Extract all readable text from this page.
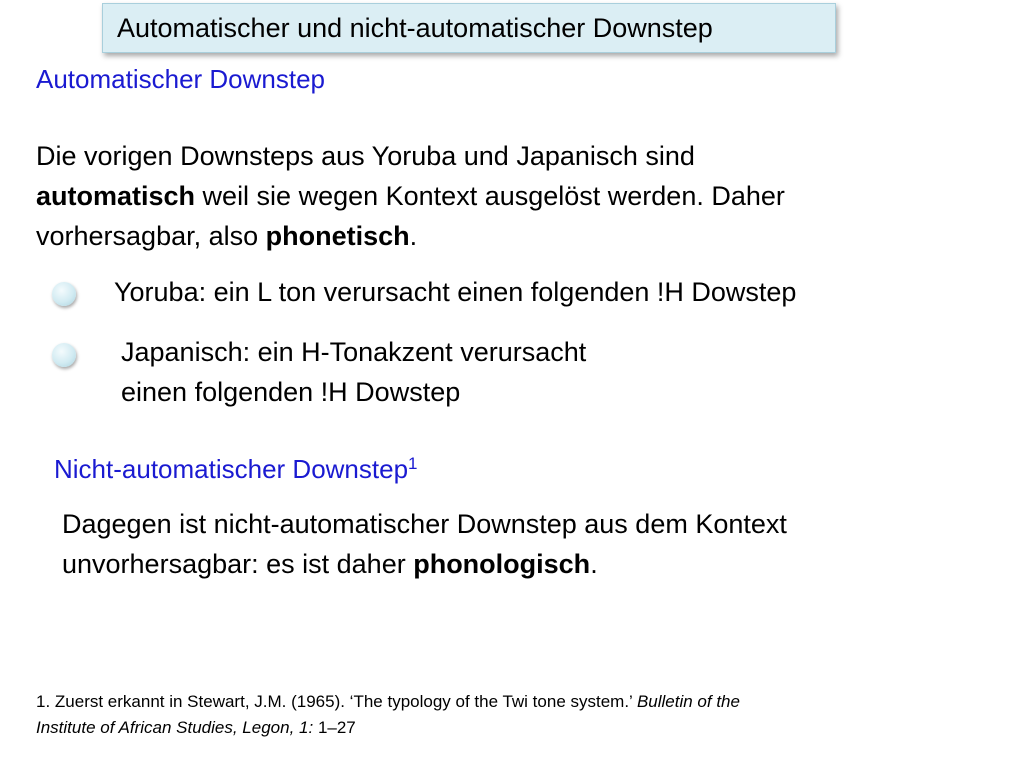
Automatischer und nicht-automatischer Downstep
Automatischer Downstep
Die vorigen Downsteps aus Yoruba und Japanisch sind
automatisch weil sie wegen Kontext ausgelöst werden. Daher
vorhersagbar, also phonetisch.
Yoruba: ein L ton verursacht einen folgenden !H Dowstep
Japanisch: ein H-Tonakzent verursacht
einen folgenden !H Dowstep
Nicht-automatischer Downstep$^1$
Dagegen ist nicht-automatischer Downstep aus dem Kontext
unvorhersagbar: es ist daher phonologisch.
1. Zuerst erkannt in Stewart, J.M. (1965). ‘The typology of the Twi tone system.’ Bulletin of the
Institute of African Studies, Legon, 1: 1–27
